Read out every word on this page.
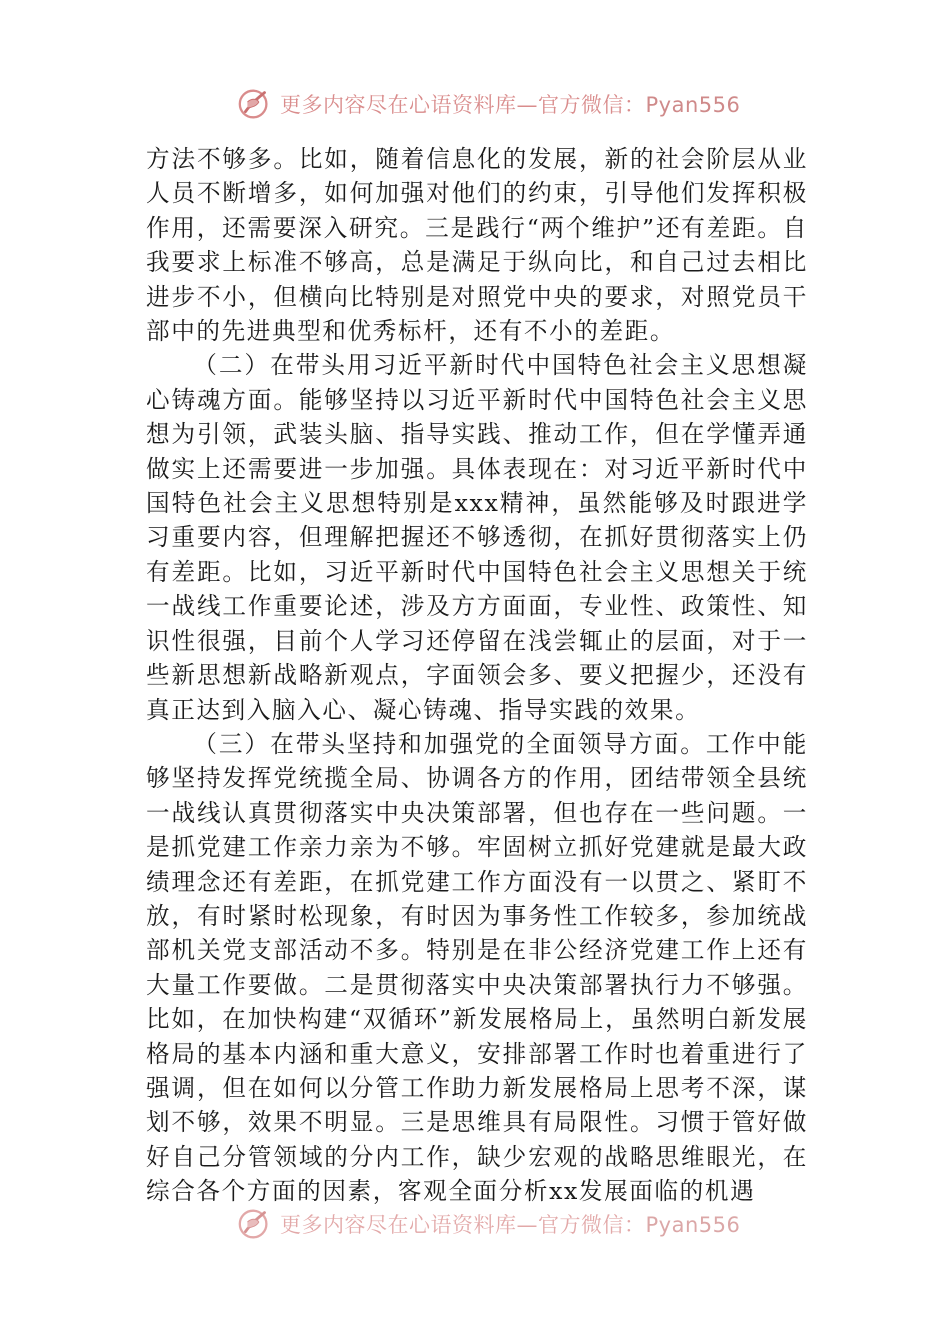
更多内容尽在心语资料库—官方微信：Pyan556

方法不够多。比如，随着信息化的发展，新的社会阶层从业人员不断增多，如何加强对他们的约束，引导他们发挥积极作用，还需要深入研究。三是践行“两个维护”还有差距。自我要求上标准不够高，总是满足于纵向比，和自己过去相比进步不小，但横向比特别是对照党中央的要求，对照党员干部中的先进典型和优秀标杆，还有不小的差距。

（二）在带头用习近平新时代中国特色社会主义思想凝心铸魂方面。能够坚持以习近平新时代中国特色社会主义思想为引领，武装头脑、指导实践、推动工作，但在学懂弄通做实上还需要进一步加强。具体表现在：对习近平新时代中国特色社会主义思想特别是xxx精神，虽然能够及时跟进学习重要内容，但理解把握还不够透彻，在抓好贯彻落实上仍有差距。比如，习近平新时代中国特色社会主义思想关于统一战线工作重要论述，涉及方方面面，专业性、政策性、知识性很强，目前个人学习还停留在浅尝辄止的层面，对于一些新思想新战略新观点，字面领会多、要义把握少，还没有真正达到入脑入心、凝心铸魂、指导实践的效果。

（三）在带头坚持和加强党的全面领导方面。工作中能够坚持发挥党统揽全局、协调各方的作用，团结带领全县统一战线认真贯彻落实中央决策部署，但也存在一些问题。一是抓党建工作亲力亲为不够。牢固树立抓好党建就是最大政绩理念还有差距，在抓党建工作方面没有一以贯之、紧盯不放，有时紧时松现象，有时因为事务性工作较多，参加统战部机关党支部活动不多。特别是在非公经济党建工作上还有大量工作要做。二是贯彻落实中央决策部署执行力不够强。比如，在加快构建“双循环”新发展格局上，虽然明白新发展格局的基本内涵和重大意义，安排部署工作时也着重进行了强调，但在如何以分管工作助力新发展格局上思考不深，谋划不够，效果不明显。三是思维具有局限性。习惯于管好做好自己分管领域的分内工作，缺少宏观的战略思维眼光，在综合各个方面的因素，客观全面分析xx发展面临的机遇

更多内容尽在心语资料库—官方微信：Pyan556
